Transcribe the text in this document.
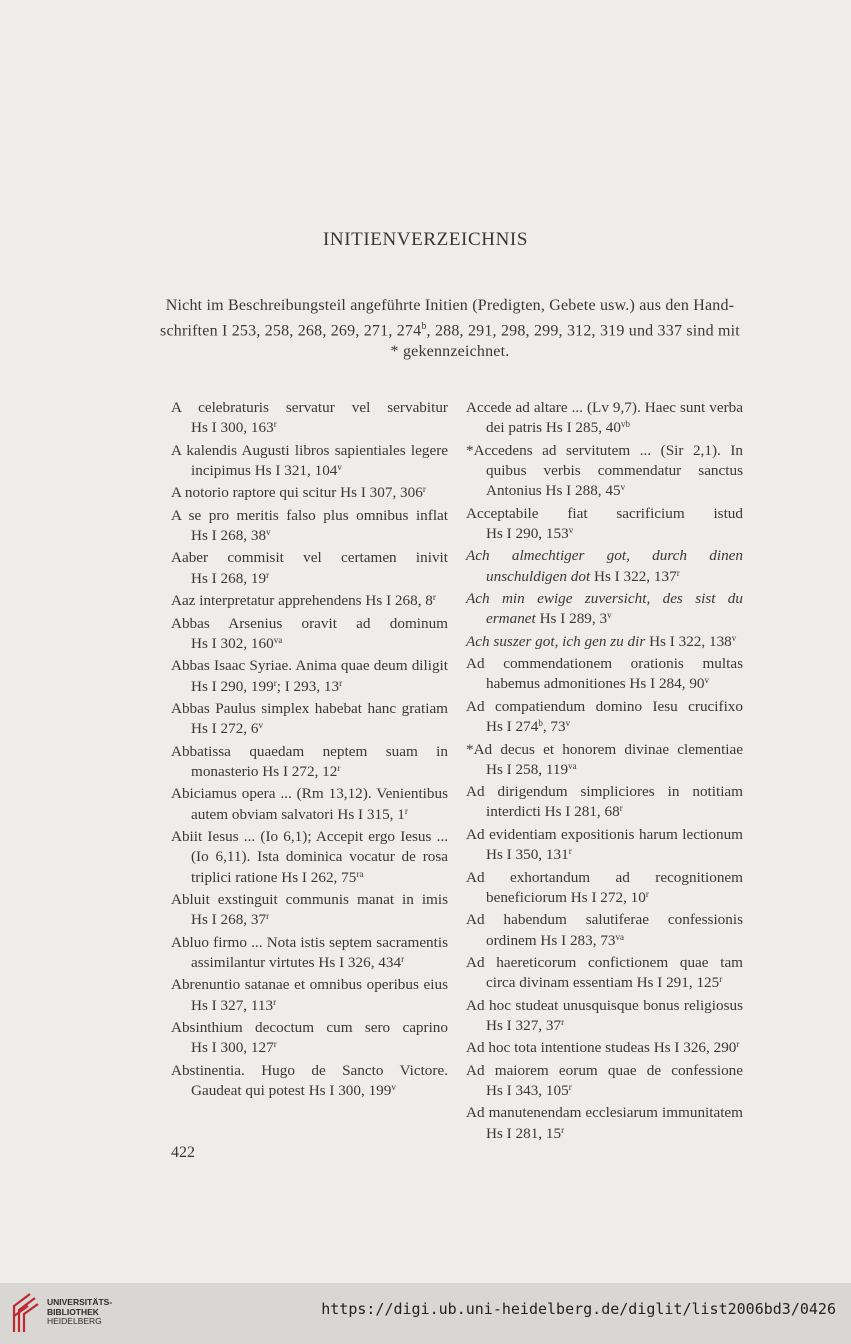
INITIENVERZEICHNIS

Nicht im Beschreibungsteil angeführte Initien (Predigten, Gebete usw.) aus den Hand-

schriften I 253, 258, 268, 269, 271, 274$^b$, 288, 291, 298, 299, 312, 319 und 337 sind mit

* gekennzeichnet.

A celebraturis servatur vel servabitur Hs I 300, 163$^r$

A kalendis Augusti libros sapientiales legere incipimus Hs I 321, 104$^v$

A notorio raptore qui scitur Hs I 307, 306$^r$

A se pro meritis falso plus omnibus inflat Hs I 268, 38$^v$

Aaber commisit vel certamen inivit Hs I 268, 19$^r$

Aaz interpretatur apprehendens Hs I 268, 8$^r$

Abbas Arsenius oravit ad dominum Hs I 302, $160^{va}$

Abbas Isaac Syriae. Anima quae deum diligit Hs I 290, 199$^r$; I 293, 13$^r$

Abbas Paulus simplex habebat hanc gratiam Hs I 272, 6$^v$

Abbatissa quaedam neptem suam in monasterio Hs I 272, 12$^r$

Abiciamus opera ... (Rm 13,12). Venientibus autem obviam salvatori Hs I 315, 1$^r$

Abiit Iesus ... (Io 6,1); Accepit ergo Iesus ... (Io 6,11). Ista dominica vocatur de rosa triplici ratione Hs I 262, $75^{ra}$

Abluit exstinguit communis manat in imis Hs I 268, 37$^r$

Abluo firmo ... Nota istis septem sacramentis assimilantur virtutes Hs I 326, 434$^r$

Abrenuntio satanae et omnibus operibus eius Hs I 327, 113$^r$

Absinthium decoctum cum sero caprino Hs I 300, 127$^r$

Abstinentia. Hugo de Sancto Victore. Gaudeat qui potest Hs I 300, 199$^v$

Accede ad altare ... (Lv 9,7). Haec sunt verba dei patris Hs I 285, $40^{vb}$

*Accedens ad servitutem ... (Sir 2,1). In quibus verbis commendatur sanctus Antonius Hs I 288, 45$^v$

Acceptabile fiat sacrificium istud Hs I 290, 153$^v$

Ach almechtiger got, durch dinen unschuldigen dot Hs I 322, 137$^r$

Ach min ewige zuversicht, des sist du ermanet Hs I 289, 3$^v$

Ach suszer got, ich gen zu dir Hs I 322, 138$^v$

Ad commendationem orationis multas habemus admonitiones Hs I 284, 90$^v$

Ad compatiendum domino Iesu crucifixo Hs I 274$^b$, 73$^v$

*Ad decus et honorem divinae clementiae Hs I 258, $119^{va}$

Ad dirigendum simpliciores in notitiam interdicti Hs I 281, 68$^r$

Ad evidentiam expositionis harum lectionum Hs I 350, 131$^r$

Ad exhortandum ad recognitionem beneficiorum Hs I 272, 10$^r$

Ad habendum salutiferae confessionis ordinem Hs I 283, $73^{va}$

Ad haereticorum confictionem quae tam circa divinam essentiam Hs I 291, 125$^r$

Ad hoc studeat unusquisque bonus religiosus Hs I 327, 37$^r$

Ad hoc tota intentione studeas Hs I 326, 290$^r$

Ad maiorem eorum quae de confessione Hs I 343, 105$^r$

Ad manutenendam ecclesiarum immunitatem Hs I 281, 15$^r$

422
UNIVERSITÄTS-
BIBLIOTHEK
HEIDELBERG
https://digi.ub.uni-heidelberg.de/diglit/list2006bd3/0426
